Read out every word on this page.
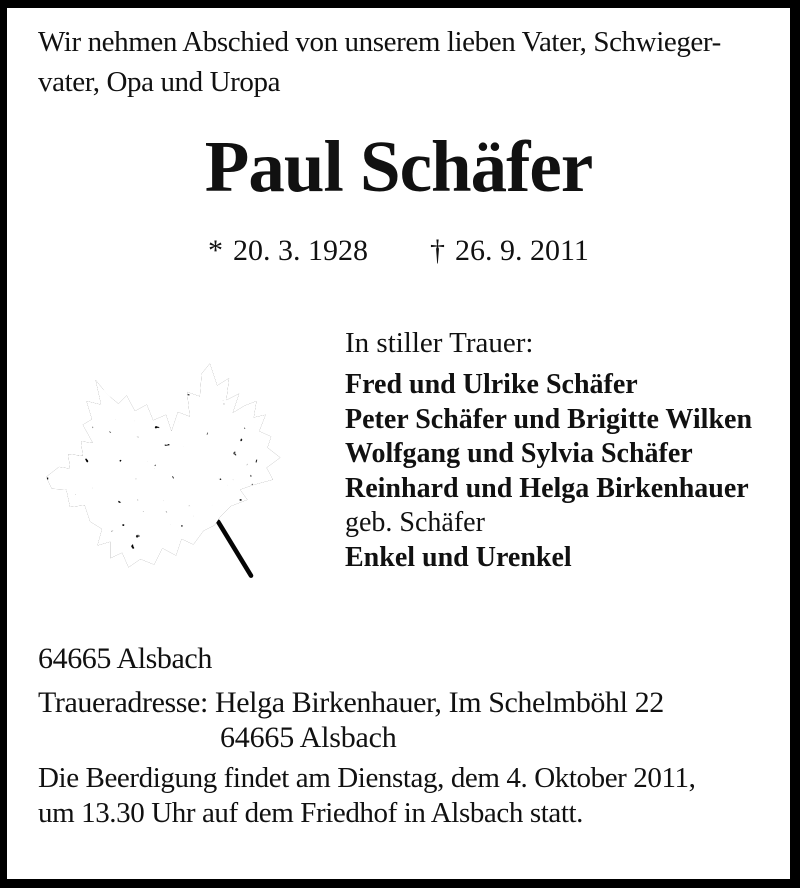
Wir nehmen Abschied von unserem lieben Vater, Schwieger-
vater, Opa und Uropa
Paul Schäfer
* 20. 3. 1928 † 26. 9. 2011
In stiller Trauer:
Fred und Ulrike Schäfer
Peter Schäfer und Brigitte Wilken
Wolfgang und Sylvia Schäfer
Reinhard und Helga Birkenhauer
geb. Schäfer
Enkel und Urenkel
64665 Alsbach
Traueradresse: Helga Birkenhauer, Im Schelmböhl 22
64665 Alsbach
Die Beerdigung findet am Dienstag, dem 4. Oktober 2011,
um 13.30 Uhr auf dem Friedhof in Alsbach statt.
